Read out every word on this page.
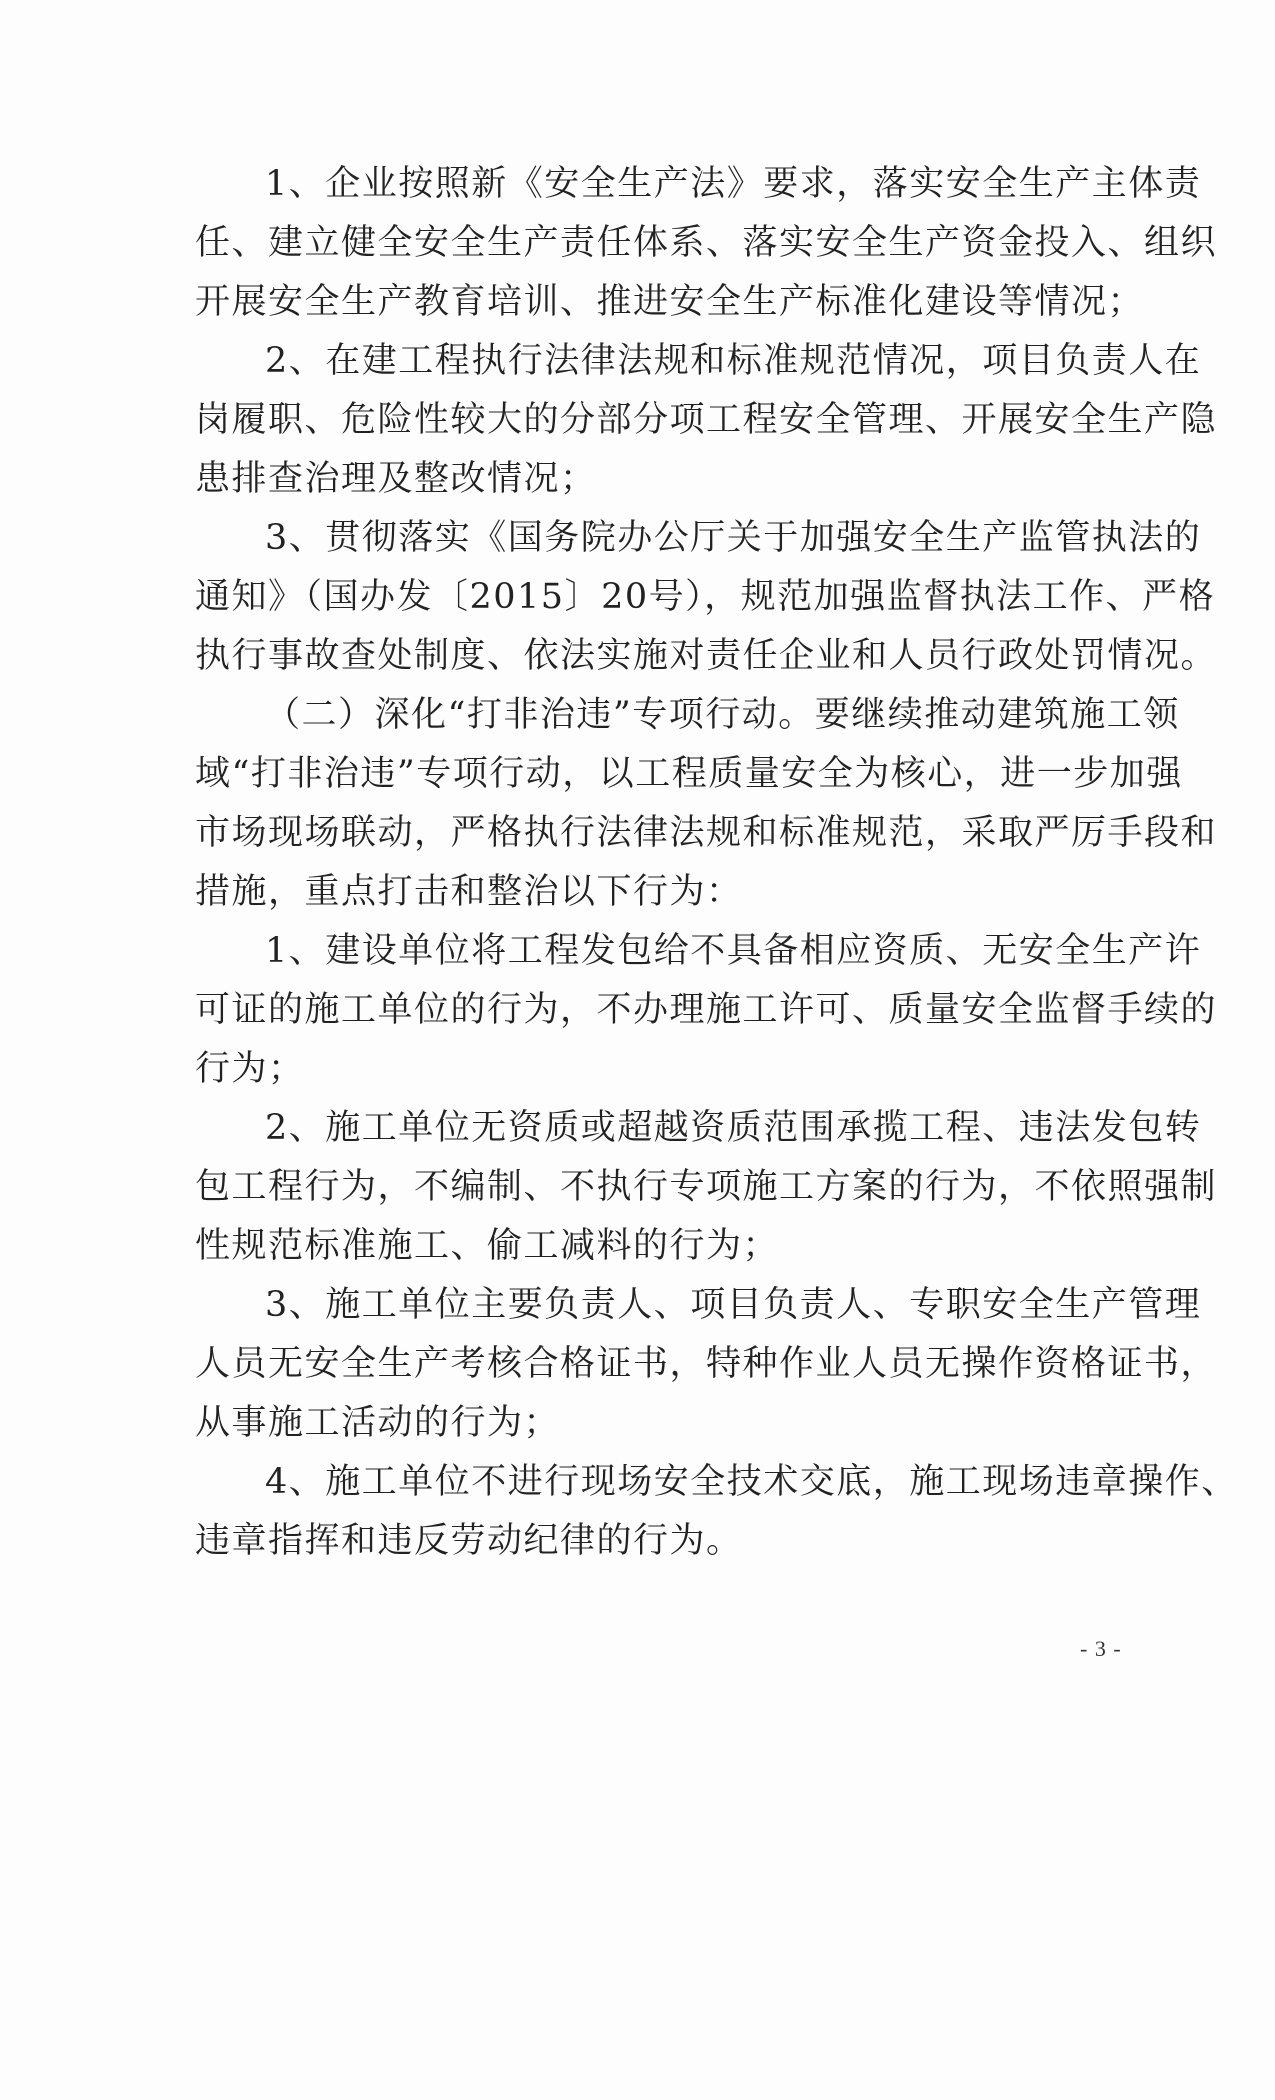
1、企业按照新《安全生产法》要求，落实安全生产主体责
任、建立健全安全生产责任体系、落实安全生产资金投入、组织
开展安全生产教育培训、推进安全生产标准化建设等情况；
2、在建工程执行法律法规和标准规范情况，项目负责人在
岗履职、危险性较大的分部分项工程安全管理、开展安全生产隐
患排查治理及整改情况；
3、贯彻落实《国务院办公厅关于加强安全生产监管执法的
通知》（国办发〔2015〕20号），规范加强监督执法工作、严格
执行事故查处制度、依法实施对责任企业和人员行政处罚情况。
（二）深化“打非治违”专项行动。要继续推动建筑施工领
域“打非治违”专项行动，以工程质量安全为核心，进一步加强
市场现场联动，严格执行法律法规和标准规范，采取严厉手段和
措施，重点打击和整治以下行为：
1、建设单位将工程发包给不具备相应资质、无安全生产许
可证的施工单位的行为，不办理施工许可、质量安全监督手续的
行为；
2、施工单位无资质或超越资质范围承揽工程、违法发包转
包工程行为，不编制、不执行专项施工方案的行为，不依照强制
性规范标准施工、偷工减料的行为；
3、施工单位主要负责人、项目负责人、专职安全生产管理
人员无安全生产考核合格证书，特种作业人员无操作资格证书，
从事施工活动的行为；
4、施工单位不进行现场安全技术交底，施工现场违章操作、
违章指挥和违反劳动纪律的行为。
- 3 -
